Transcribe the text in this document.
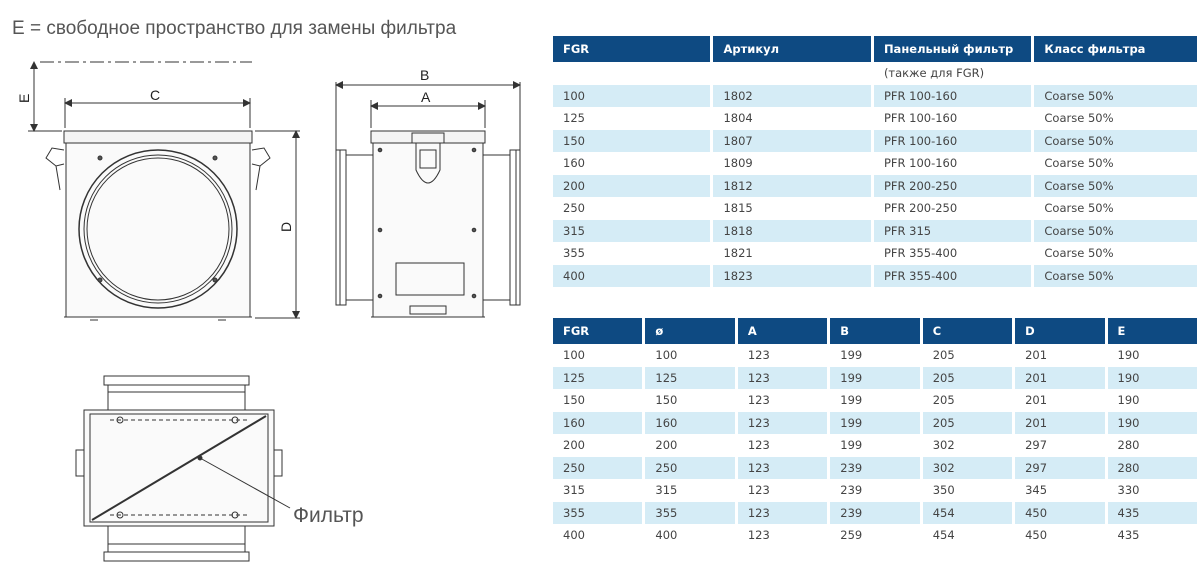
E = свободное пространство для замены фильтра
C
E
D
B
A
Фильтр
FGR	Артикул	Панельный фильтр	Класс фильтра
		(также для FGR)	
100	1802	PFR 100-160	Coarse 50%
125	1804	PFR 100-160	Coarse 50%
150	1807	PFR 100-160	Coarse 50%
160	1809	PFR 100-160	Coarse 50%
200	1812	PFR 200-250	Coarse 50%
250	1815	PFR 200-250	Coarse 50%
315	1818	PFR 315	Coarse 50%
355	1821	PFR 355-400	Coarse 50%
400	1823	PFR 355-400	Coarse 50%
FGR	ø	A	B	C	D	E
100	100	123	199	205	201	190
125	125	123	199	205	201	190
150	150	123	199	205	201	190
160	160	123	199	205	201	190
200	200	123	199	302	297	280
250	250	123	239	302	297	280
315	315	123	239	350	345	330
355	355	123	239	454	450	435
400	400	123	259	454	450	435
